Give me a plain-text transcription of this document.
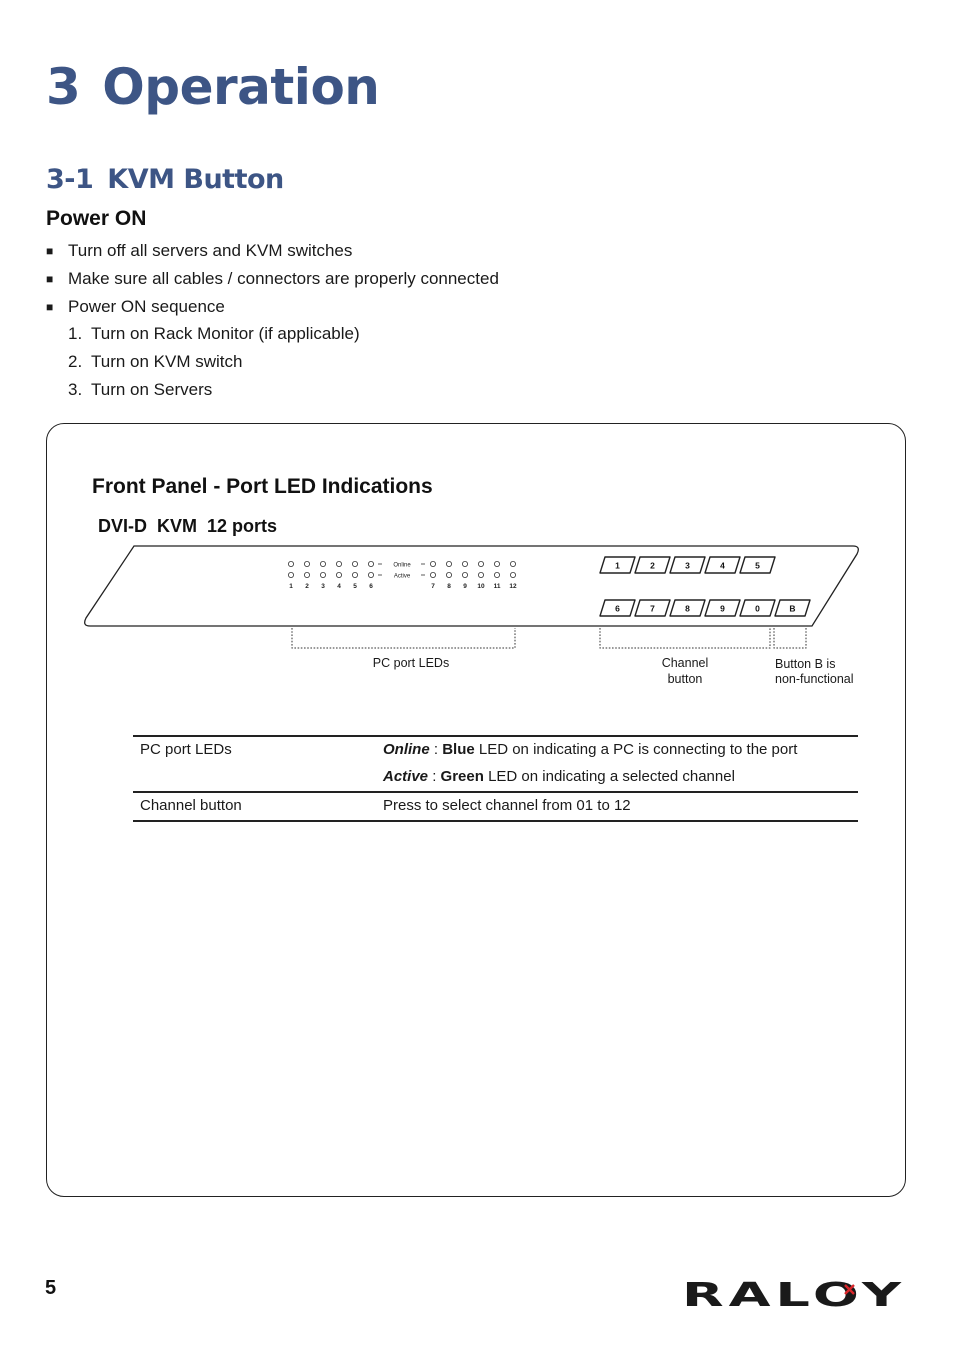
3 Operation
3-1 KVM Button
Power ON
■ Turn off all servers and KVM switches
■ Make sure all cables / connectors are properly connected
■ Power ON sequence
1. Turn on Rack Monitor (if applicable)
2. Turn on KVM switch
3. Turn on Servers
Front Panel - Port LED Indications
DVI-D  KVM  12 ports
1 2 3 4 5 6	7 8 9 10 11 12
Online
Active
1	2	3	4	5
6	7	8	9	0	B
PC port LEDs	Channel
button
Button B is
non-functional
PC port LEDs	Online : Blue LED on indicating a PC is connecting to the port
	Active : Green LED on indicating a selected channel
Channel button	Press to select channel from 01 to 12

5	RALOY
